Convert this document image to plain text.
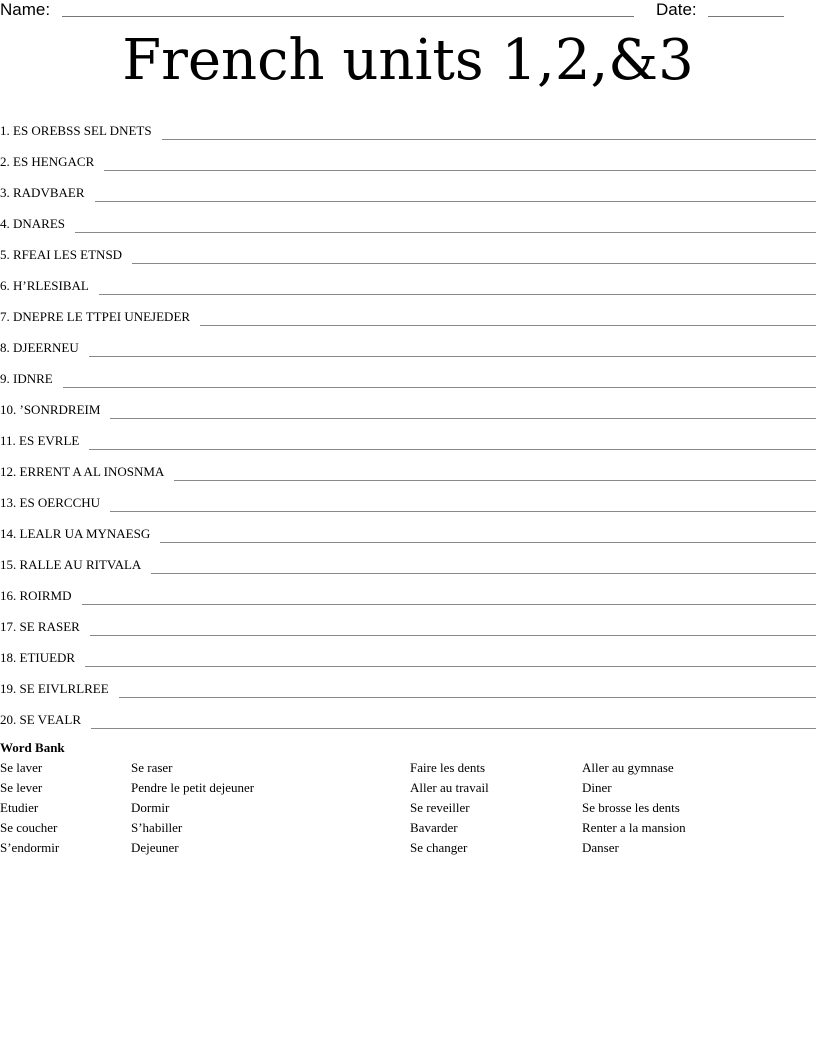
Name:	Date:
French units 1,2,&3
1 . ES OREBSS SEL DNETS
2 . ES HENGACR
3 . RADVBAER
4 . DNARES
5 . RFEAI LES ETNSD
6 . H’RLESIBAL
7 . DNEPRE LE TTPEI UNEJEDER
8 . DJEERNEU
9 . IDNRE
10 . ’SONRDREIM
11 . ES EVRLE
12 . ERRENT A AL INOSNMA
13 . ES OERCCHU
14 . LEALR UA MYNAESG
15 . RALLE AU RITVALA
16 . ROIRMD
17 . SE RASER
18 . ETIUEDR
19 . SE EIVLRLREE
20 . SE VEALR

Word Bank

Se laver
Se lever
Etudier
Se coucher
S’endormir
Se raser
Pendre le petit dejeuner
Dormir
S’habiller
Dejeuner
Faire les dents
Aller au travail
Se reveiller
Bavarder
Se changer
Aller au gymnase
Diner
Se brosse les dents
Renter a la mansion
Danser
